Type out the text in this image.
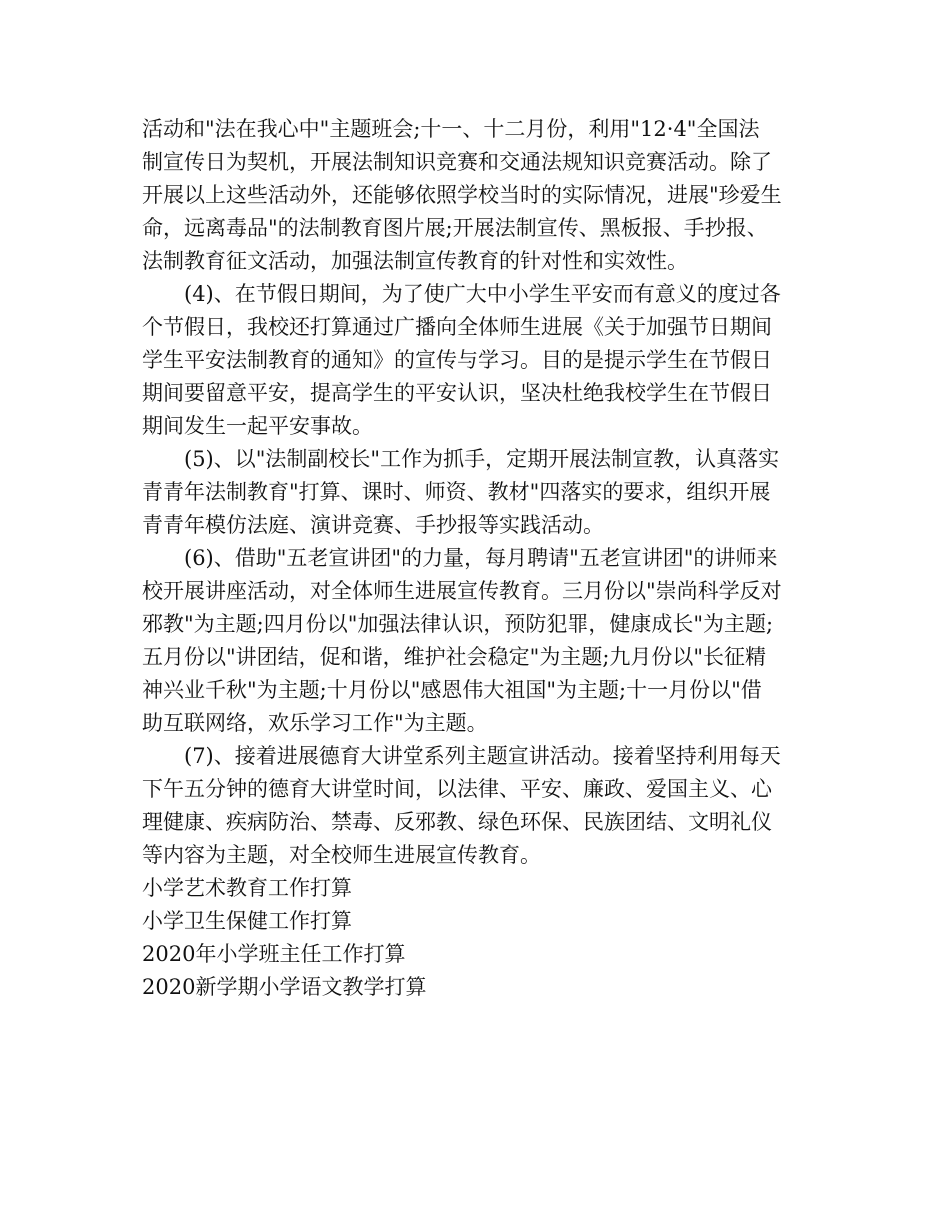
活动和"法在我心中"主题班会;十一、十二月份，利用"12·4"全国法
制宣传日为契机，开展法制知识竞赛和交通法规知识竞赛活动。除了
开展以上这些活动外，还能够依照学校当时的实际情况，进展"珍爱生
命，远离毒品"的法制教育图片展;开展法制宣传、黑板报、手抄报、
法制教育征文活动，加强法制宣传教育的针对性和实效性。
(4)、在节假日期间，为了使广大中小学生平安而有意义的度过各
个节假日，我校还打算通过广播向全体师生进展《关于加强节日期间
学生平安法制教育的通知》的宣传与学习。目的是提示学生在节假日
期间要留意平安，提高学生的平安认识，坚决杜绝我校学生在节假日
期间发生一起平安事故。
(5)、以"法制副校长"工作为抓手，定期开展法制宣教，认真落实
青青年法制教育"打算、课时、师资、教材"四落实的要求，组织开展
青青年模仿法庭、演讲竞赛、手抄报等实践活动。
(6)、借助"五老宣讲团"的力量，每月聘请"五老宣讲团"的讲师来
校开展讲座活动，对全体师生进展宣传教育。三月份以"崇尚科学反对
邪教"为主题;四月份以"加强法律认识，预防犯罪，健康成长"为主题;
五月份以"讲团结，促和谐，维护社会稳定"为主题;九月份以"长征精
神兴业千秋"为主题;十月份以"感恩伟大祖国"为主题;十一月份以"借
助互联网络，欢乐学习工作"为主题。
(7)、接着进展德育大讲堂系列主题宣讲活动。接着坚持利用每天
下午五分钟的德育大讲堂时间，以法律、平安、廉政、爱国主义、心
理健康、疾病防治、禁毒、反邪教、绿色环保、民族团结、文明礼仪
等内容为主题，对全校师生进展宣传教育。
小学艺术教育工作打算
小学卫生保健工作打算
2020年小学班主任工作打算
2020新学期小学语文教学打算
